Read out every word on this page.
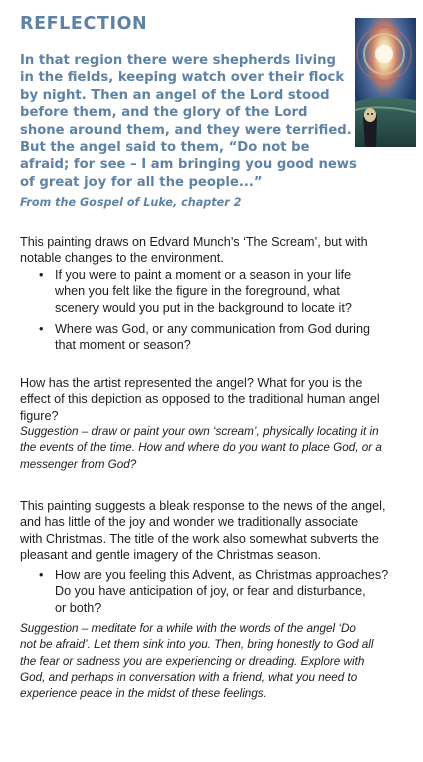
REFLECTION
In that region there were shepherds living
in the fields, keeping watch over their flock
by night. Then an angel of the Lord stood
before them, and the glory of the Lord
shone around them, and they were terrified.
But the angel said to them, “Do not be
afraid; for see – I am bringing you good news
of great joy for all the people...”

From the Gospel of Luke, chapter 2

This painting draws on Edvard Munch’s ‘The Scream’, but with
notable changes to the environment.
• If you were to paint a moment or a season in your life
when you felt like the figure in the foreground, what
scenery would you put in the background to locate it?
• Where was God, or any communication from God during
that moment or season?
How has the artist represented the angel? What for you is the
effect of this depiction as opposed to the traditional human angel
figure?
Suggestion – draw or paint your own ‘scream’, physically locating it in
the events of the time. How and where do you want to place God, or a
messenger from God?
This painting suggests a bleak response to the news of the angel,
and has little of the joy and wonder we traditionally associate
with Christmas. The title of the work also somewhat subverts the
pleasant and gentle imagery of the Christmas season.
• How are you feeling this Advent, as Christmas approaches?
Do you have anticipation of joy, or fear and disturbance,
or both?
Suggestion – meditate for a while with the words of the angel ‘Do
not be afraid’. Let them sink into you. Then, bring honestly to God all
the fear or sadness you are experiencing or dreading. Explore with
God, and perhaps in conversation with a friend, what you need to
experience peace in the midst of these feelings.
